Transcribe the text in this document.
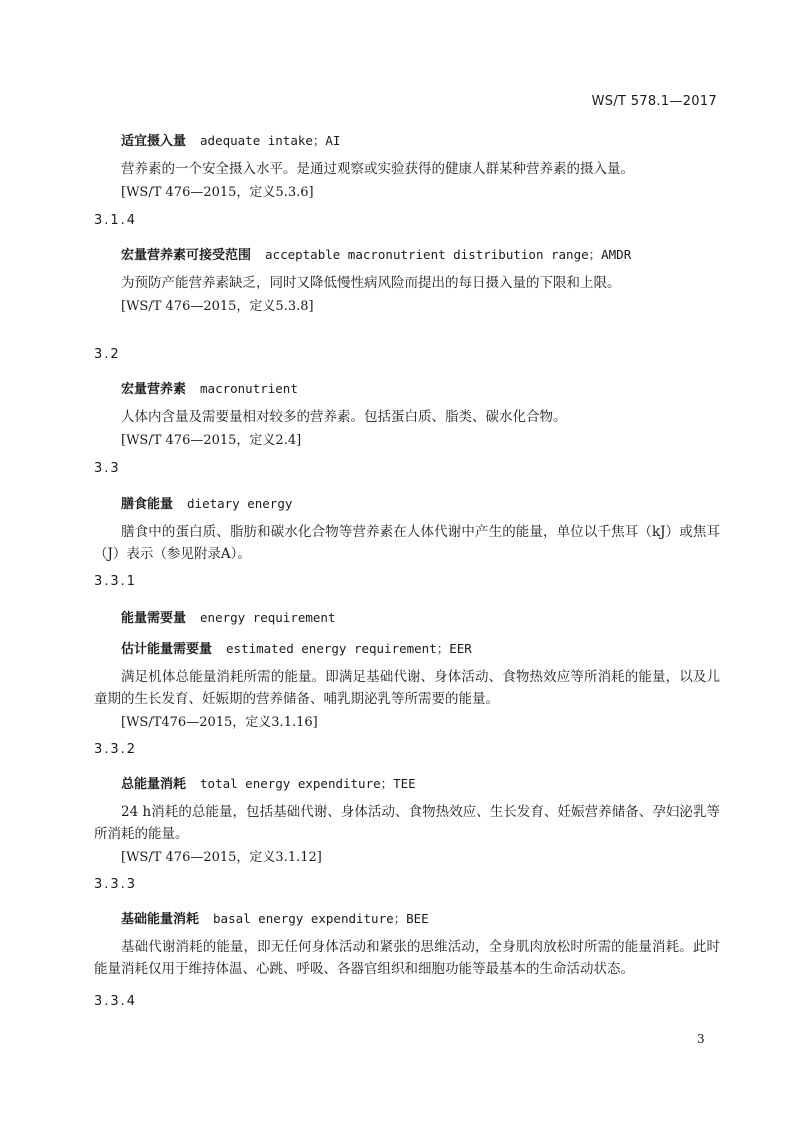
WS/T 578.1—2017
适宜摄入量 adequate intake；AI
营养素的一个安全摄入水平。是通过观察或实验获得的健康人群某种营养素的摄入量。
[WS/T 476—2015，定义5.3.6]
3.1.4
宏量营养素可接受范围 acceptable macronutrient distribution range；AMDR
为预防产能营养素缺乏，同时又降低慢性病风险而提出的每日摄入量的下限和上限。
[WS/T 476—2015，定义5.3.8]
3.2
宏量营养素 macronutrient
人体内含量及需要量相对较多的营养素。包括蛋白质、脂类、碳水化合物。
[WS/T 476—2015，定义2.4]
3.3
膳食能量 dietary energy
膳食中的蛋白质、脂肪和碳水化合物等营养素在人体代谢中产生的能量，单位以千焦耳（kJ）或焦耳（J）表示（参见附录A）。
3.3.1
能量需要量 energy requirement
估计能量需要量 estimated energy requirement；EER
满足机体总能量消耗所需的能量。即满足基础代谢、身体活动、食物热效应等所消耗的能量，以及儿童期的生长发育、妊娠期的营养储备、哺乳期泌乳等所需要的能量。
[WS/T476—2015，定义3.1.16]
3.3.2
总能量消耗 total energy expenditure；TEE
24 h消耗的总能量，包括基础代谢、身体活动、食物热效应、生长发育、妊娠营养储备、孕妇泌乳等所消耗的能量。
[WS/T 476—2015，定义3.1.12]
3.3.3
基础能量消耗 basal energy expenditure；BEE
基础代谢消耗的能量，即无任何身体活动和紧张的思维活动，全身肌肉放松时所需的能量消耗。此时能量消耗仅用于维持体温、心跳、呼吸、各器官组织和细胞功能等最基本的生命活动状态。
3.3.4
3
